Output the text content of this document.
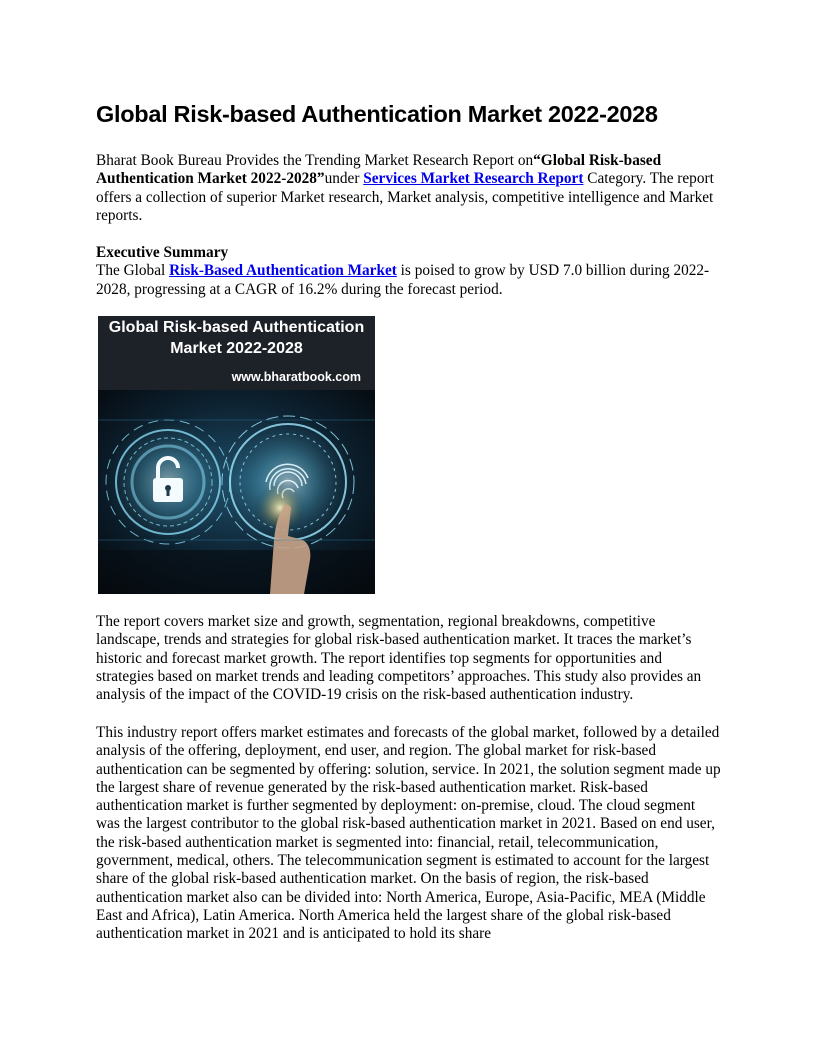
Global Risk-based Authentication Market 2022-2028
Bharat Book Bureau Provides the Trending Market Research Report on“Global Risk-based Authentication Market 2022-2028”under Services Market Research Report Category. The report offers a collection of superior Market research, Market analysis, competitive intelligence and Market reports.
Executive Summary
The Global Risk-Based Authentication Market is poised to grow by USD 7.0 billion during 2022-2028, progressing at a CAGR of 16.2% during the forecast period.
Global Risk-based Authentication
Market 2022-2028
www.bharatbook.com
The report covers market size and growth, segmentation, regional breakdowns, competitive landscape, trends and strategies for global risk-based authentication market. It traces the market’s historic and forecast market growth. The report identifies top segments for opportunities and strategies based on market trends and leading competitors’ approaches. This study also provides an analysis of the impact of the COVID-19 crisis on the risk-based authentication industry.
This industry report offers market estimates and forecasts of the global market, followed by a detailed analysis of the offering, deployment, end user, and region. The global market for risk-based authentication can be segmented by offering: solution, service. In 2021, the solution segment made up the largest share of revenue generated by the risk-based authentication market. Risk-based authentication market is further segmented by deployment: on-premise, cloud. The cloud segment was the largest contributor to the global risk-based authentication market in 2021. Based on end user, the risk-based authentication market is segmented into: financial, retail, telecommunication, government, medical, others. The telecommunication segment is estimated to account for the largest share of the global risk-based authentication market. On the basis of region, the risk-based authentication market also can be divided into: North America, Europe, Asia-Pacific, MEA (Middle East and Africa), Latin America. North America held the largest share of the global risk-based authentication market in 2021 and is anticipated to hold its share
